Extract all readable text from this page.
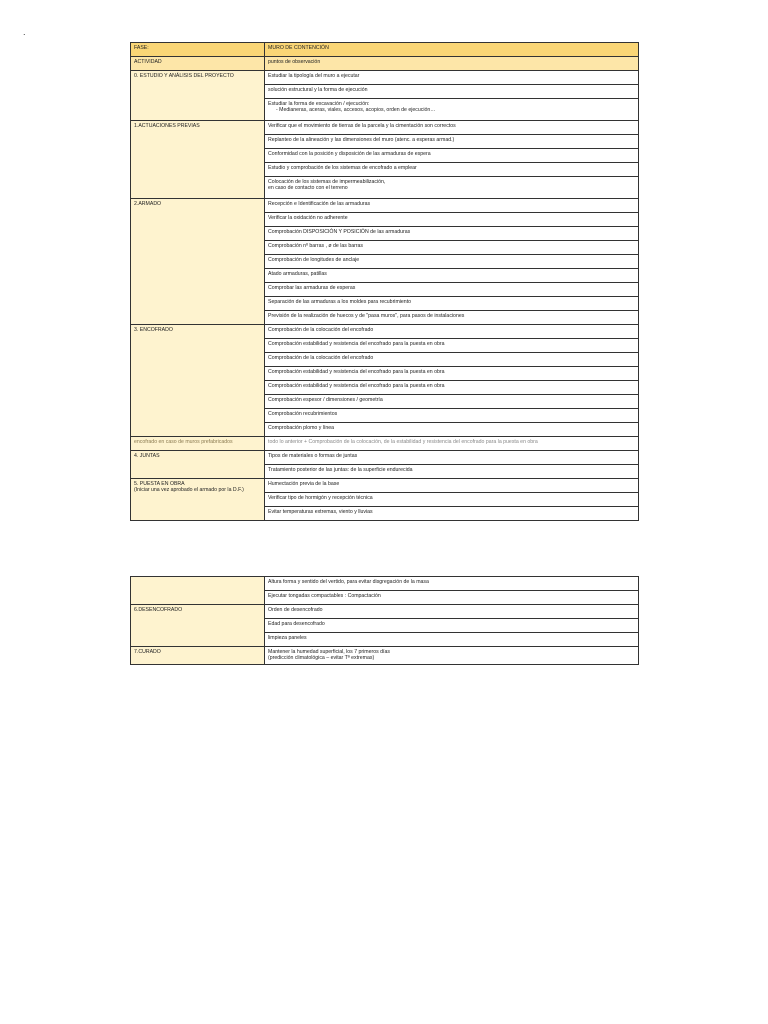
.
FASE:	MURO DE CONTENCIÓN
ACTIVIDAD	puntos de observación
0. ESTUDIO Y ANÁLISIS DEL PROYECTO	Estudiar la tipología del muro a ejecutar
	solución estructural y la forma de ejecución

	Estudiar la forma de excavación / ejecución:
- Medianeras, aceras, viales, accesos, acopios, orden de ejecución…

1.ACTUACIONES PREVIAS	Verificar que el movimiento de tierras de la parcela y la cimentación son correctos
	Replanteo de la alineación y las dimensiones del muro (atenc. a esperas armad.)
	Conformidad con la posición y disposición de las armaduras de espera
	Estudio y comprobación de los sistemas de encofrado a emplear

	Colocación de los sistemas de impermeabilización,
en caso de contacto con el terreno

2.ARMADO	Recepción e Identificación de las armaduras
	Verificar la oxidación no adherente
	Comprobación DISPOSICIÓN Y POSICIÓN de las armaduras
	Comprobación nº barras , ø de las barras
	Comprobación de longitudes de anclaje
	Atado armaduras, patillas
	Comprobar las armaduras de esperas
	Separación de las armaduras a los moldes para recubrimiento
	Previsión de la realización de huecos y de "pasa muros", para pasos de instalaciones
3. ENCOFRADO	Comprobación de la colocación del encofrado
	Comprobación estabilidad y resistencia del encofrado para la puesta en obra
	Comprobación de la colocación del encofrado
	Comprobación estabilidad y resistencia del encofrado para la puesta en obra
	Comprobación estabilidad y resistencia del encofrado para la puesta en obra
	Comprobación espesor / dimensiones / geometría
	Comprobación recubrimientos
	Comprobación plomo y línea
encofrado en caso de muros prefabricados	todo lo anterior + Comprobación de la colocación, de la estabilidad y resistencia del encofrado para la puesta en obra
4. JUNTAS	Tipos de materiales o formas de juntas
	Tratamiento posterior de las juntas: de la superficie endurecida

5. PUESTA EN OBRA
(Iniciar una vez aprobado el armado por la D.F.)	Humectación previa de la base
	Verificar tipo de hormigón y recepción técnica
	Evitar temperaturas extremas, viento y lluvias
	Altura forma y sentido del vertido, para evitar disgregación de la masa
	Ejecutar tongadas compactables : Compactación
6.DESENCOFRADO	Orden de desencofrado
	Edad para desencofrado
	limpieza paneles
7.CURADO	Mantener la humedad superficial, los 7 primeros días
(predicción climatológica – evitar Tª extremas)
